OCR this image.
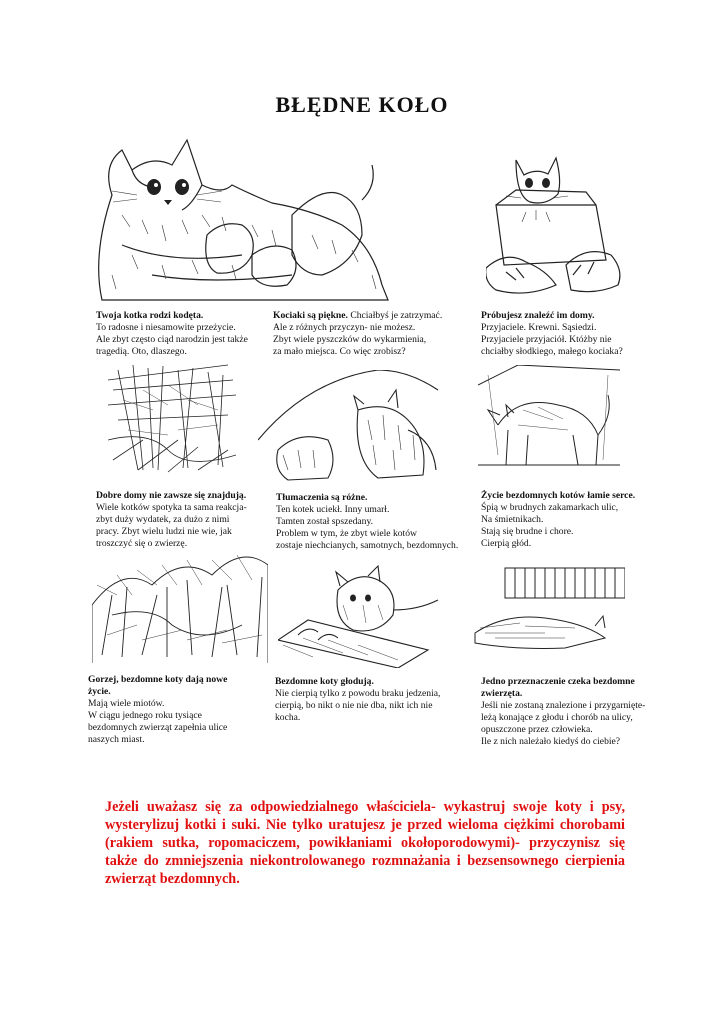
BŁĘDNE KOŁO
Twoja kotka rodzi kodęta.
To radosne i niesamowite przeżycie.
Ale zbyt często ciąd narodzin jest także
tragedią. Oto, dlaszego.
Kociaki są piękne. Chciałbyś je zatrzymać.
Ale z różnych przyczyn- nie możesz.
Zbyt wiele pyszczków do wykarmienia,
za mało miejsca. Co więc zrobisz?
Próbujesz znaleźć im domy.
Przyjaciele. Krewni. Sąsiedzi.
Przyjaciele przyjaciół. Któżby nie
chciałby słodkiego, małego kociaka?
Dobre domy nie zawsze się znajdują.
Wiele kotków spotyka ta sama reakcja-
zbyt duży wydatek, za dużo z nimi
pracy. Zbyt wielu ludzi nie wie, jak
troszczyć się o zwierzę.
Tłumaczenia są różne.
Ten kotek uciekł. Inny umarł.
Tamten został spszedany.
Problem w tym, że zbyt wiele kotów
zostaje niechcianych, samotnych, bezdomnych.
Życie bezdomnych kotów łamie serce.
Śpią w brudnych zakamarkach ulic,
Na śmietnikach.
Stają się brudne i chore.
Cierpią głód.
Gorzej, bezdomne koty dają nowe
życie.
Mają wiele miotów.
W ciągu jednego roku tysiące
bezdomnych zwierząt zapełnia ulice
naszych miast.
Bezdomne koty głodują.
Nie cierpią tylko z powodu braku jedzenia,
cierpią, bo nikt o nie nie dba, nikt ich nie
kocha.
Jedno przeznaczenie czeka bezdomne
zwierzęta.
Jeśli nie zostaną znalezione i przygarnięte-
leżą konające z głodu i chorób na ulicy,
opuszczone przez człowieka.
Ile z nich należało kiedyś do ciebie?
Jeżeli uważasz się za odpowiedzialnego właściciela- wykastruj swoje koty i psy, wysterylizuj kotki i suki. Nie tylko uratujesz je przed wieloma ciężkimi chorobami (rakiem sutka, ropomaciczem, powikłaniami okołoporodowymi)- przyczynisz się także do zmniejszenia niekontrolowanego rozmnażania i bezsensownego cierpienia zwierząt bezdomnych.
